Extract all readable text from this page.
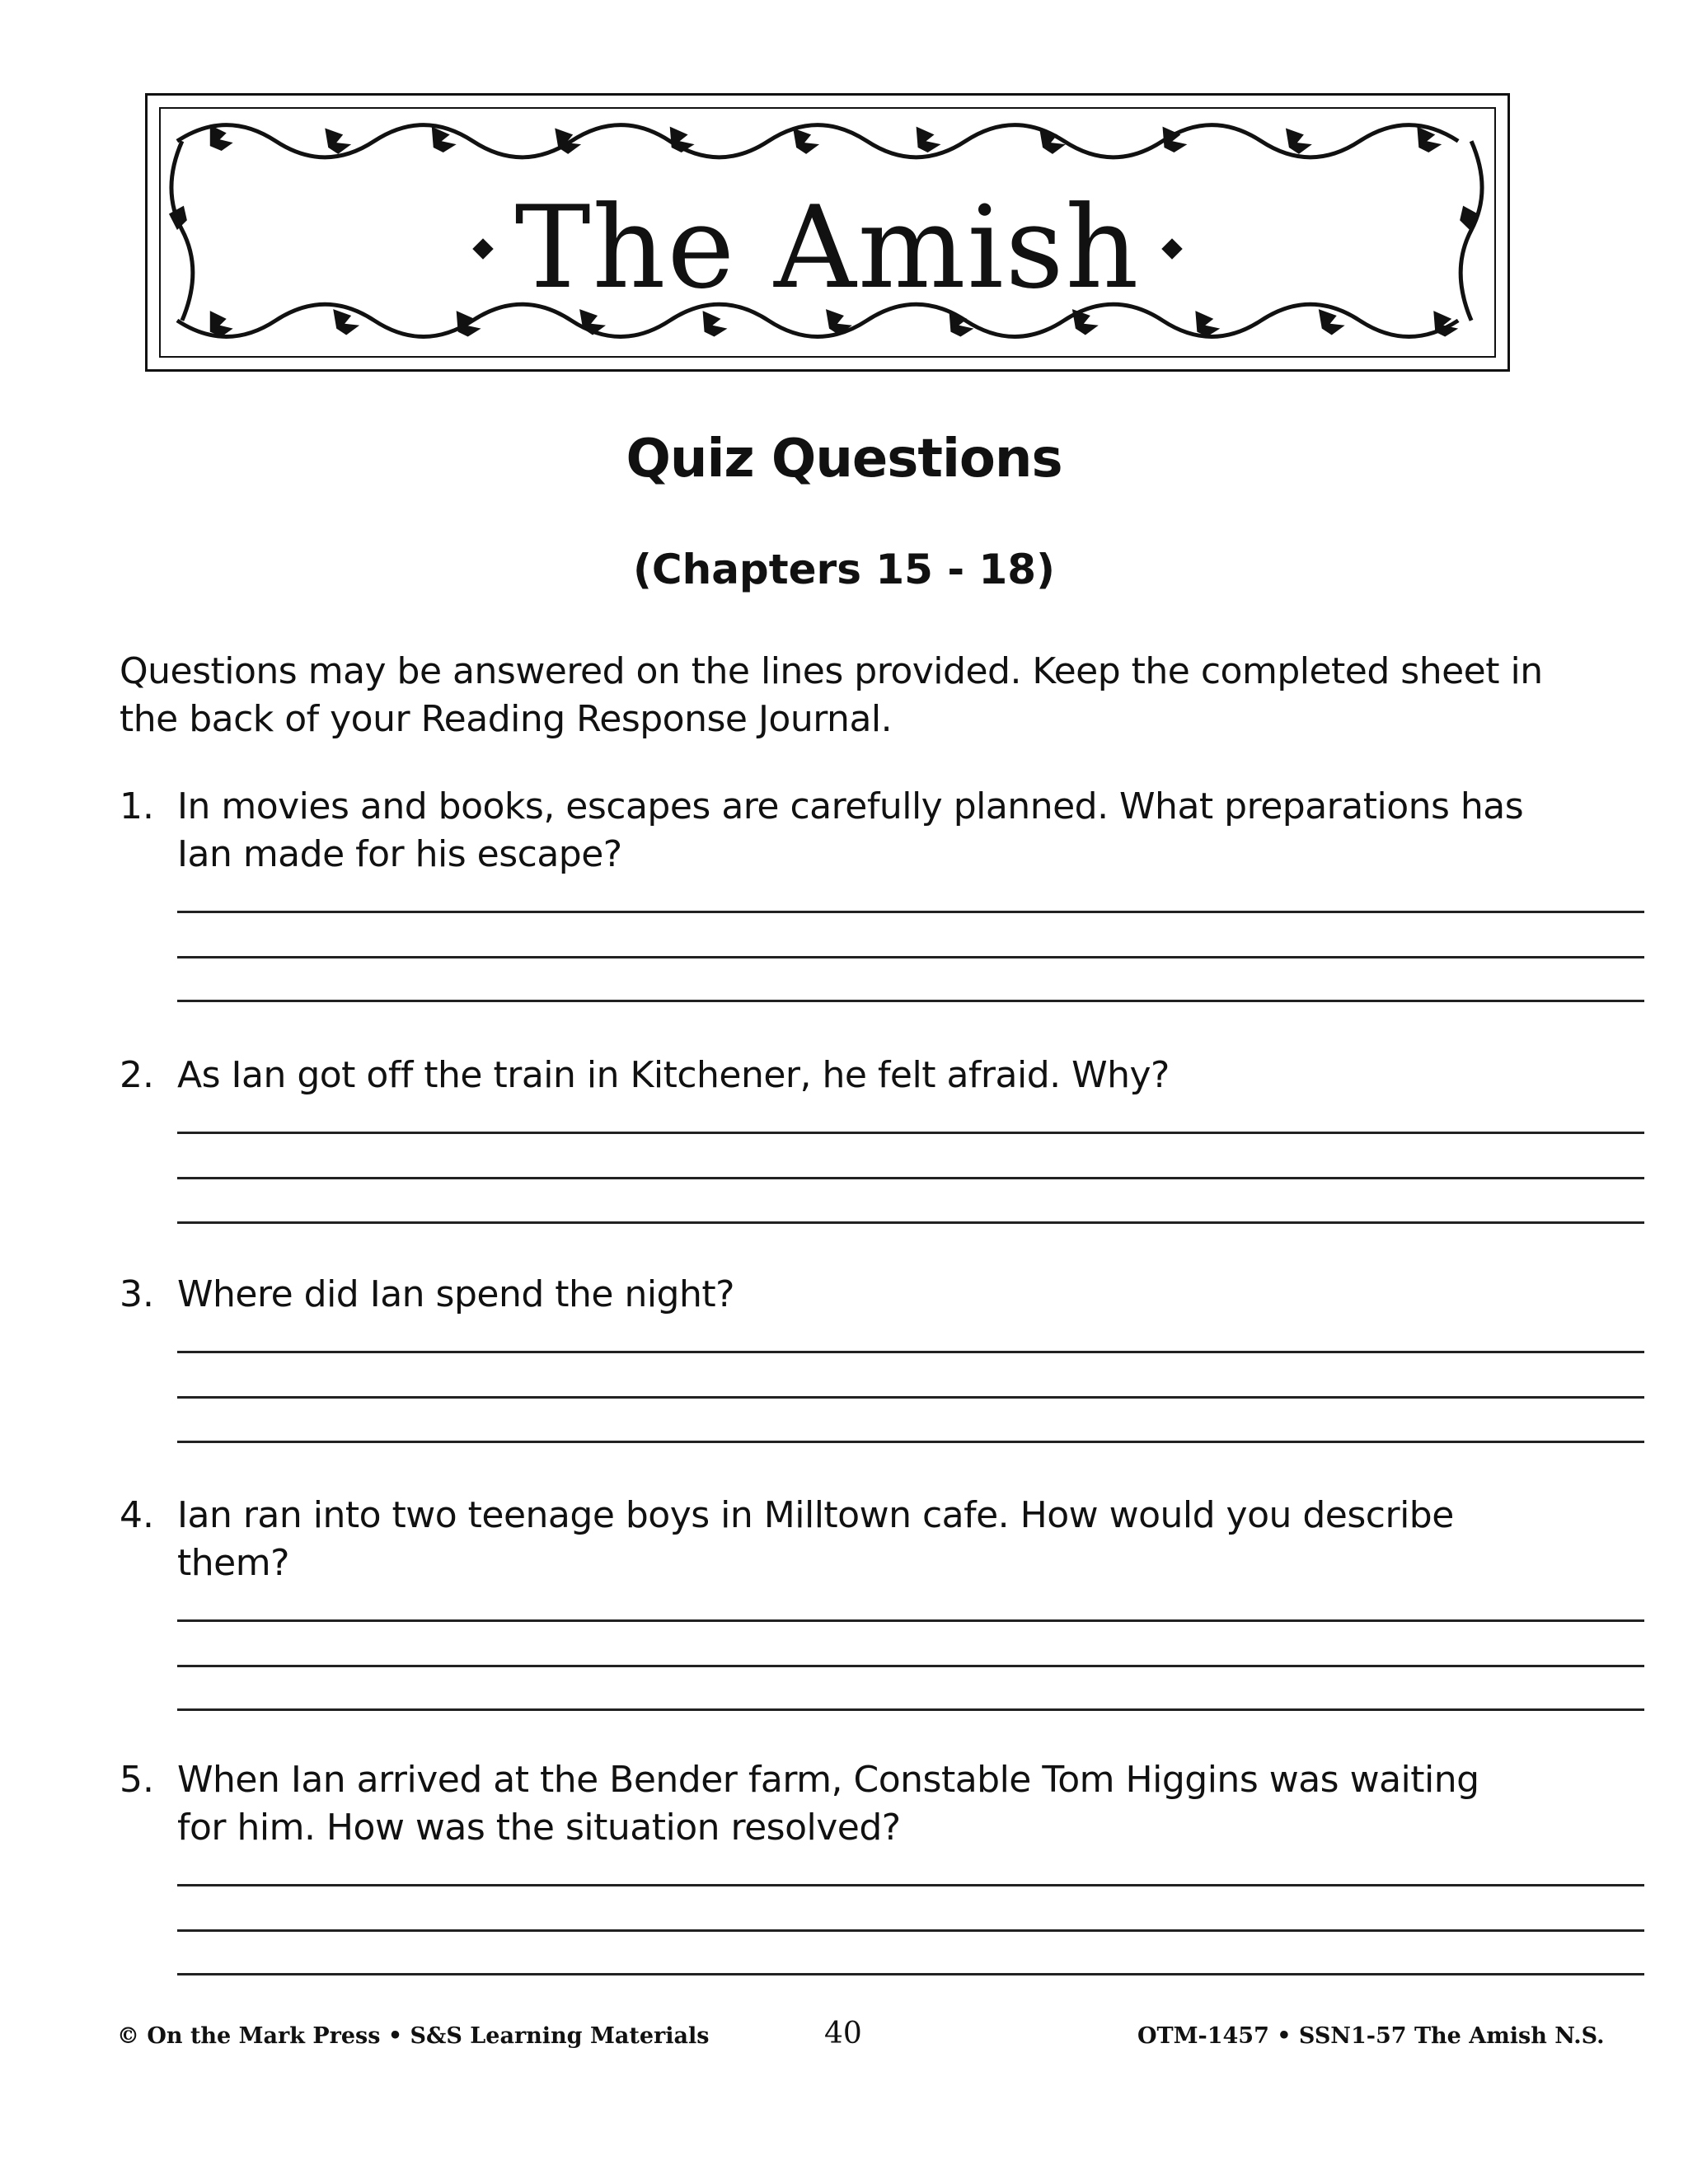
The Amish
Quiz Questions
(Chapters 15 - 18)
Questions may be answered on the lines provided. Keep the completed sheet in the back of your Reading Response Journal.
1. In movies and books, escapes are carefully planned. What preparations has Ian made for his escape?
2. As Ian got off the train in Kitchener, he felt afraid. Why?
3. Where did Ian spend the night?
4. Ian ran into two teenage boys in Milltown cafe. How would you describe them?
5. When Ian arrived at the Bender farm, Constable Tom Higgins was waiting for him. How was the situation resolved?
© On the Mark Press • S&S Learning Materials	40	OTM-1457 • SSN1-57 The Amish N.S.
